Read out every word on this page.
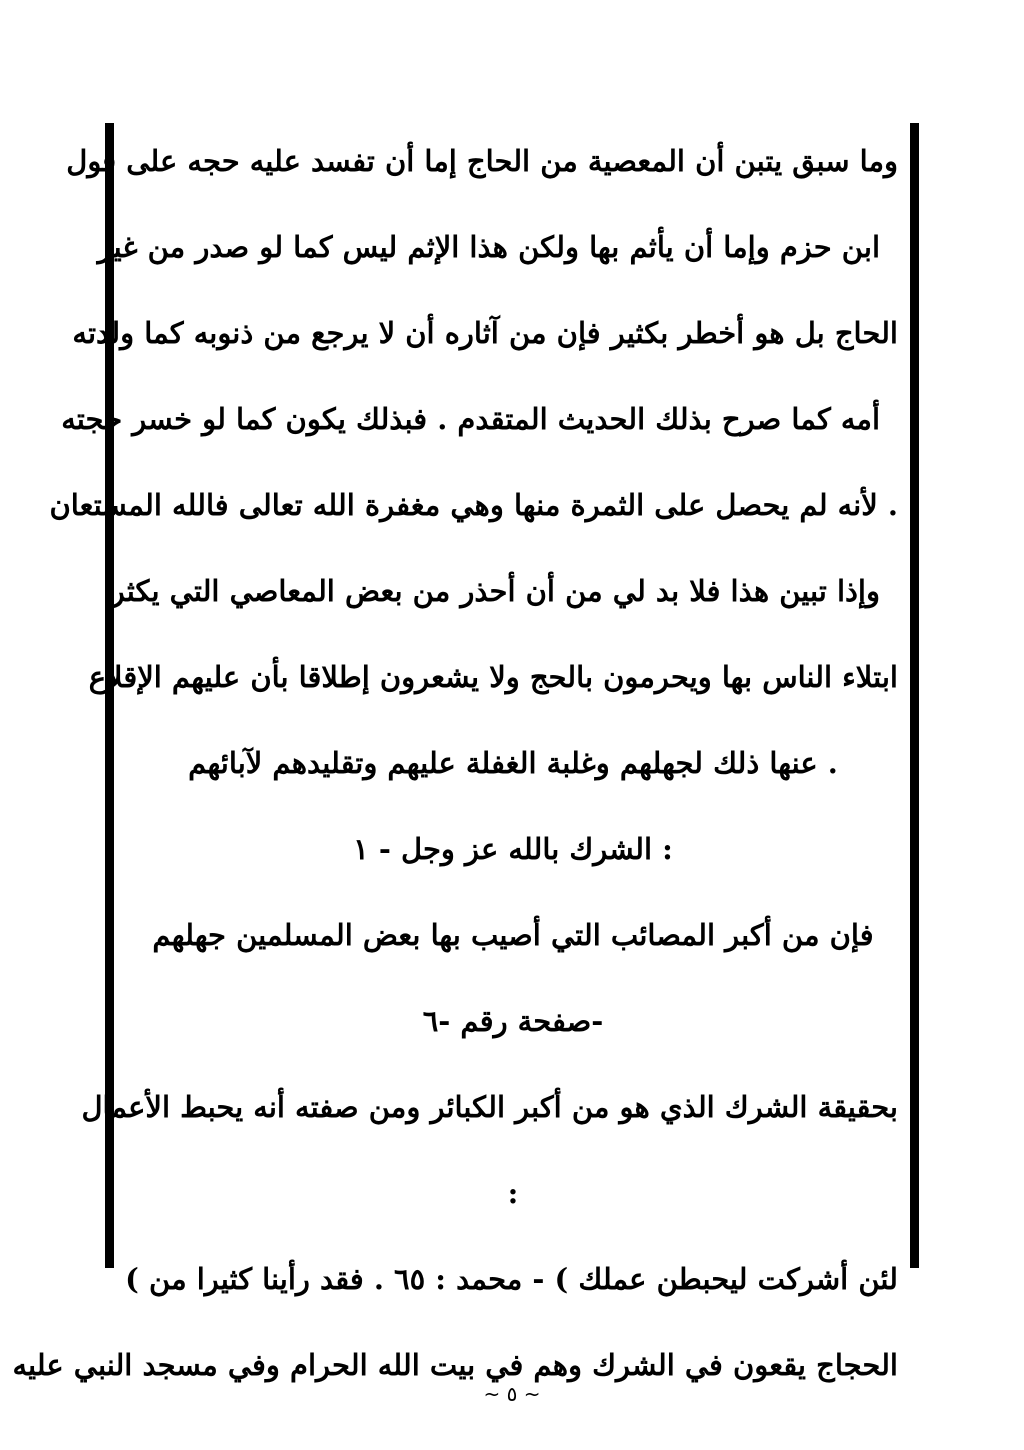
وما سبق يتبن أن المعصية من الحاج إما أن تفسد عليه حجه على قول
ابن حزم وإما أن يأثم بها ولكن هذا الإثم ليس كما لو صدر من غير
الحاج بل هو أخطر بكثير فإن من آثاره أن لا يرجع من ذنوبه كما ولدته
أمه كما صرح بذلك الحديث المتقدم . فبذلك يكون كما لو خسر حجته
. لأنه لم يحصل على الثمرة منها وهي مغفرة الله تعالى فالله المستعان
وإذا تبين هذا فلا بد لي من أن أحذر من بعض المعاصي التي يكثر
ابتلاء الناس بها ويحرمون بالحج ولا يشعرون إطلاقا بأن عليهم الإقلاع
. عنها ذلك لجهلهم وغلبة الغفلة عليهم وتقليدهم لآبائهم
: الشرك بالله عز وجل - ١
فإن من أكبر المصائب التي أصيب بها بعض المسلمين جهلهم
-صفحة رقم -٦
بحقيقة الشرك الذي هو من أكبر الكبائر ومن صفته أنه يحبط الأعمال
:
لئن أشركت ليحبطن عملك ) - محمد : ٦٥ . فقد رأينا كثيرا من )
الحجاج يقعون في الشرك وهم في بيت الله الحرام وفي مسجد النبي عليه
~ ٥ ~
